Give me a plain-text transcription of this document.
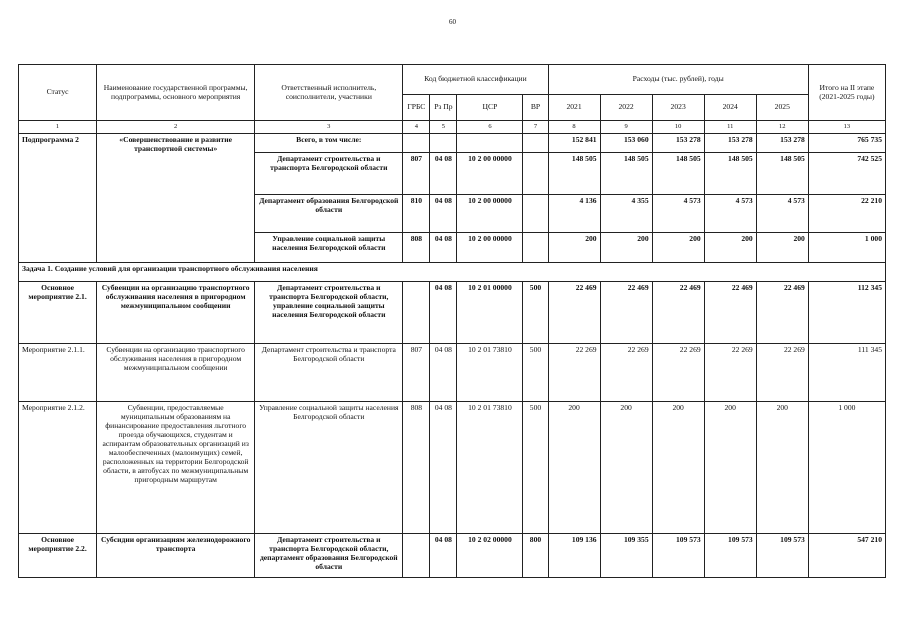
60
Статус	Наименование государственной программы, подпрограммы, основного мероприятия	Ответственный исполнитель, соисполнители, участники	Код бюджетной классификации				Расходы (тыс. рублей), годы					Итого на II этапе (2021-2025 годы)
			ГРБС	Рз Пр	ЦСР	ВР	2021	2022	2023	2024	2025	
1	2	3	4	5	6	7	8	9	10	11	12	13
Подпрограмма 2	«Совершенствование и развитие транспортной системы»	Всего, в том числе:					152 841	153 060	153 278	153 278	153 278	765 735
		Департамент строительства и транспорта Белгородской области	807	04 08	10 2 00 00000		148 505	148 505	148 505	148 505	148 505	742 525
		Департамент образования Белгородской области	810	04 08	10 2 00 00000		4 136	4 355	4 573	4 573	4 573	22 210
		Управление социальной защиты населения Белгородской области	808	04 08	10 2 00 00000		200	200	200	200	200	1 000
Задача 1. Создание условий для организации транспортного обслуживания населения												
Основное мероприятие 2.1.	Субвенции на организацию транспортного обслуживания населения в пригородном межмуниципальном сообщении	Департамент строительства и транспорта Белгородской области, управление социальной защиты населения Белгородской области		04 08	10 2 01 00000	500	22 469	22 469	22 469	22 469	22 469	112 345
Мероприятие 2.1.1.	Субвенции на организацию транспортного обслуживания населения в пригородном межмуниципальном сообщении	Департамент строительства и транспорта Белгородской области	807	04 08	10 2 01 73810	500	22 269	22 269	22 269	22 269	22 269	111 345
Мероприятие 2.1.2.	Субвенции, предоставляемые муниципальным образованиям на финансирование предоставления льготного проезда обучающихся, студентам и аспирантам образовательных организаций из малообеспеченных (малоимущих) семей, расположенных на территории Белгородской области, в автобусах по межмуниципальным пригородным маршрутам	Управление социальной защиты населения Белгородской области	808	04 08	10 2 01 73810	500	200	200	200	200	200	1 000
Основное мероприятие 2.2.	Субсидии организациям железнодорожного транспорта	Департамент строительства и транспорта Белгородской области, департамент образования Белгородской области		04 08	10 2 02 00000	800	109 136	109 355	109 573	109 573	109 573	547 210
